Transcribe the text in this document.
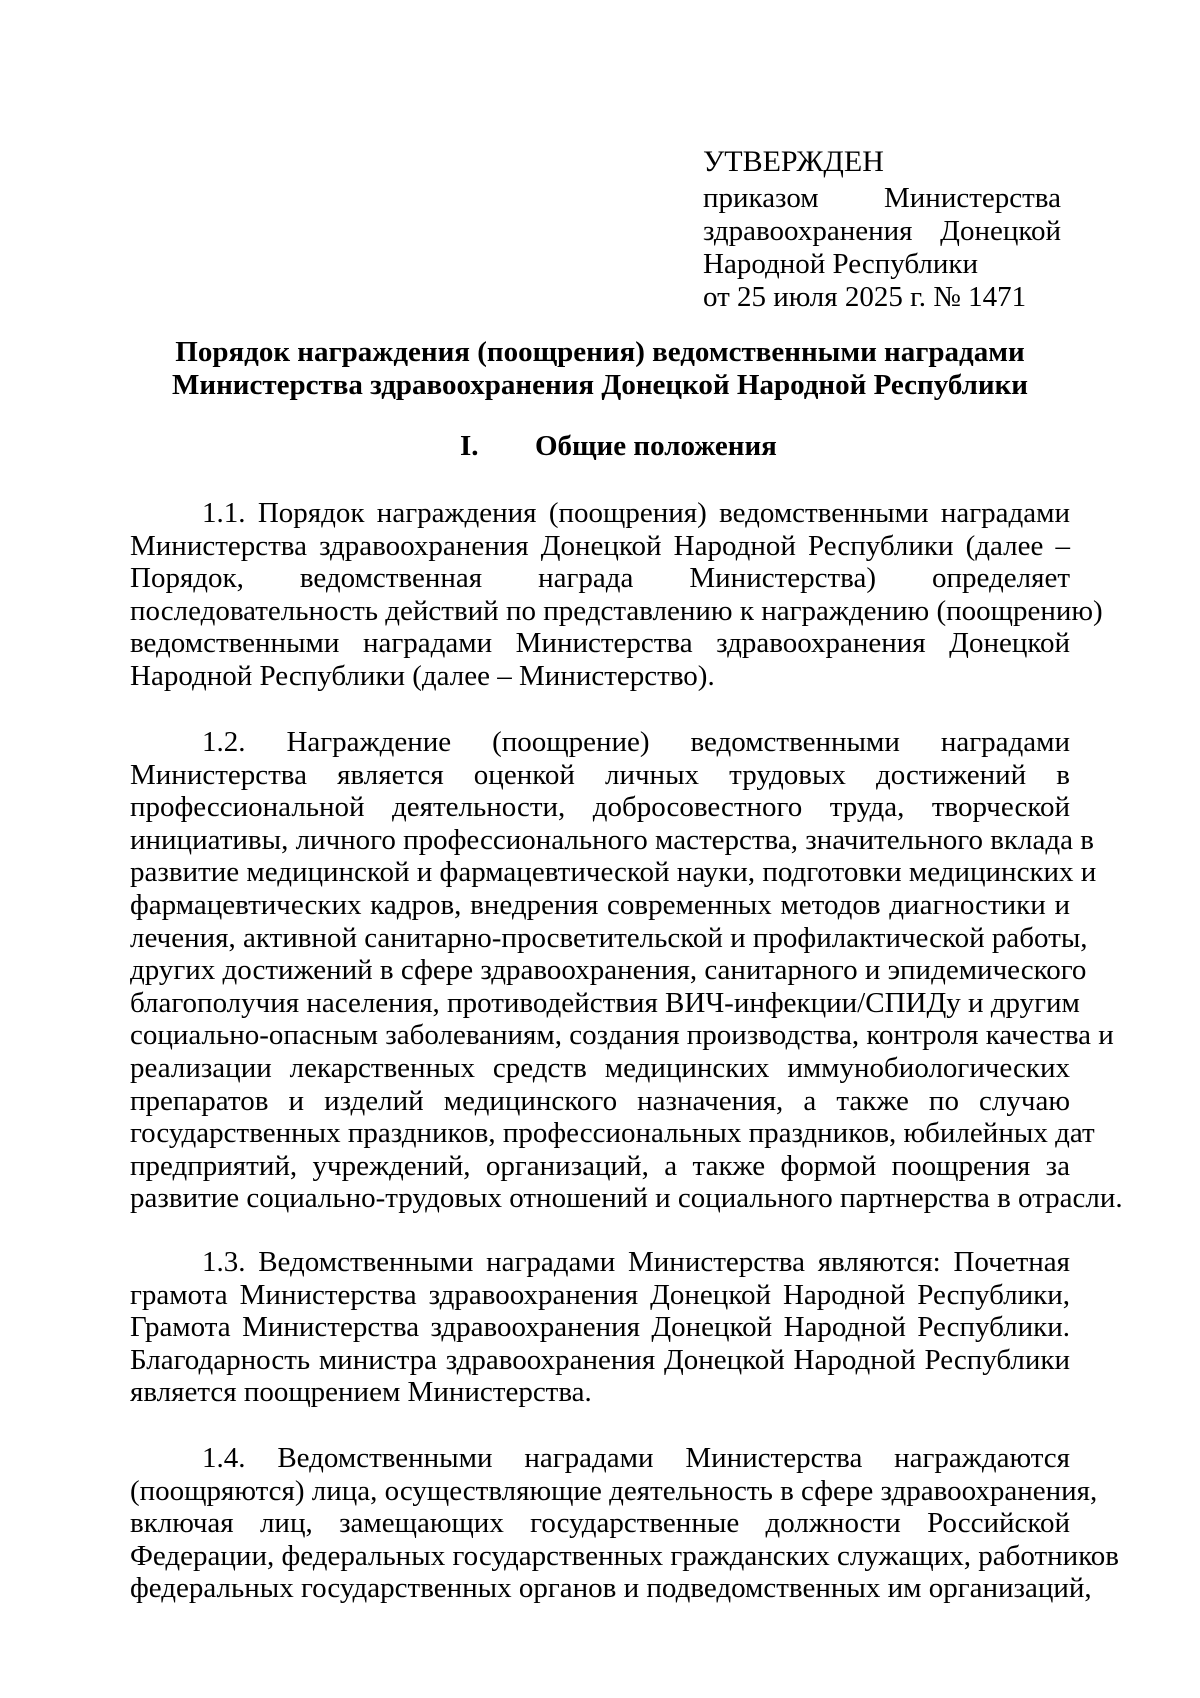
УТВЕРЖДЕН
приказом Министерства
здравоохранения Донецкой
Народной Республики
от 25 июля 2025 г. № 1471
Порядок награждения (поощрения) ведомственными наградами
Министерства здравоохранения Донецкой Народной Республики
I. Общие положения
1.1. Порядок награждения (поощрения) ведомственными наградами
Министерства здравоохранения Донецкой Народной Республики (далее –
Порядок, ведомственная награда Министерства) определяет
последовательность действий по представлению к награждению (поощрению)
ведомственными наградами Министерства здравоохранения Донецкой
Народной Республики (далее – Министерство).
1.2. Награждение (поощрение) ведомственными наградами
Министерства является оценкой личных трудовых достижений в
профессиональной деятельности, добросовестного труда, творческой
инициативы, личного профессионального мастерства, значительного вклада в
развитие медицинской и фармацевтической науки, подготовки медицинских и
фармацевтических кадров, внедрения современных методов диагностики и
лечения, активной санитарно-просветительской и профилактической работы,
других достижений в сфере здравоохранения, санитарного и эпидемического
благополучия населения, противодействия ВИЧ-инфекции/СПИДу и другим
социально-опасным заболеваниям, создания производства, контроля качества и
реализации лекарственных средств медицинских иммунобиологических
препаратов и изделий медицинского назначения, а также по случаю
государственных праздников, профессиональных праздников, юбилейных дат
предприятий, учреждений, организаций, а также формой поощрения за
развитие социально-трудовых отношений и социального партнерства в отрасли.
1.3. Ведомственными наградами Министерства являются: Почетная
грамота Министерства здравоохранения Донецкой Народной Республики,
Грамота Министерства здравоохранения Донецкой Народной Республики.
Благодарность министра здравоохранения Донецкой Народной Республики
является поощрением Министерства.
1.4. Ведомственными наградами Министерства награждаются
(поощряются) лица, осуществляющие деятельность в сфере здравоохранения,
включая лиц, замещающих государственные должности Российской
Федерации, федеральных государственных гражданских служащих, работников
федеральных государственных органов и подведомственных им организаций,
